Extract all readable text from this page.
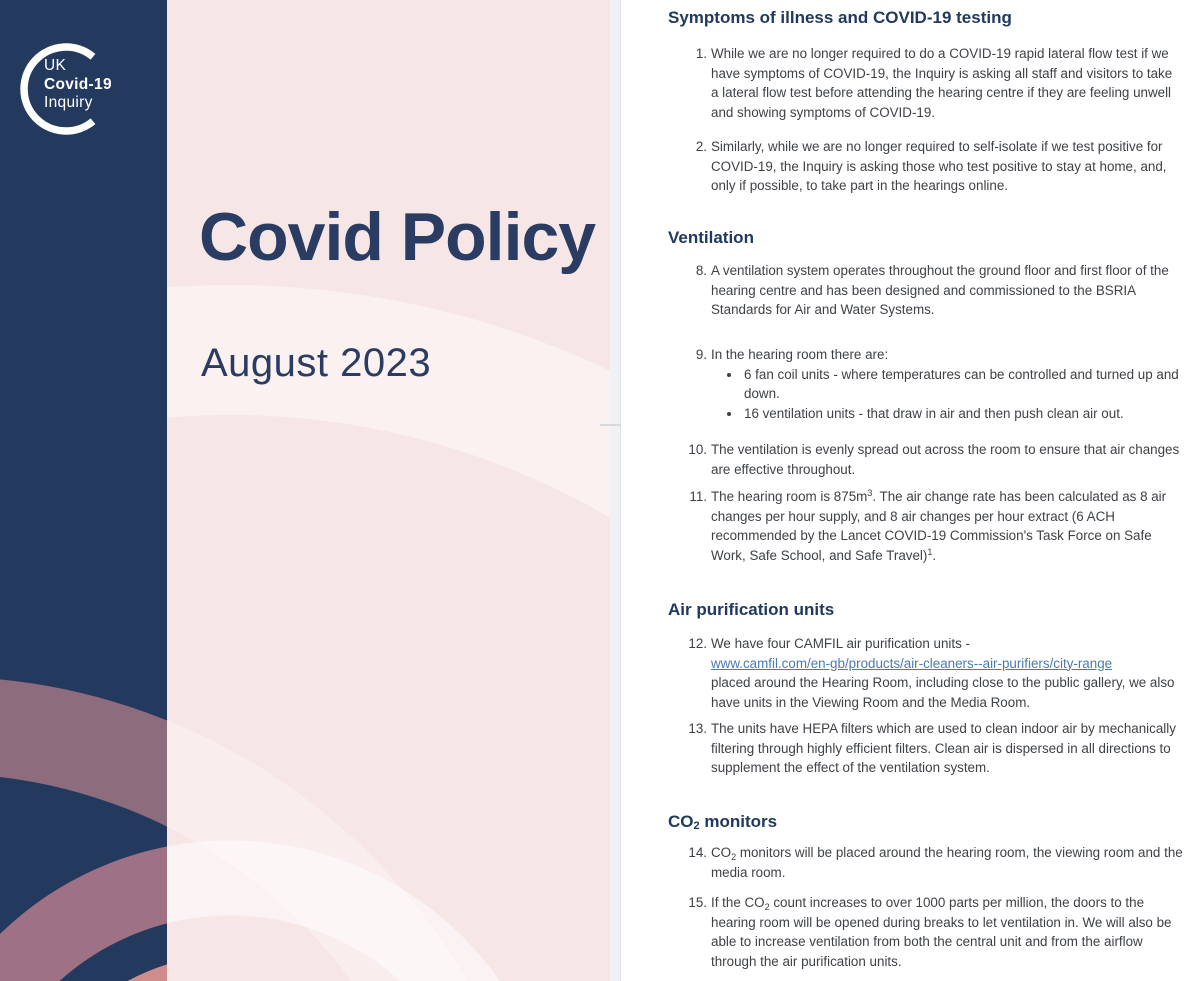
UK
Covid-19
Inquiry
Covid Policy
August 2023
Symptoms of illness and COVID-19 testing
1. While we are no longer required to do a COVID-19 rapid lateral flow test if we have symptoms of COVID-19, the Inquiry is asking all staff and visitors to take a lateral flow test before attending the hearing centre if they are feeling unwell and showing symptoms of COVID-19.
2. Similarly, while we are no longer required to self-isolate if we test positive for COVID-19, the Inquiry is asking those who test positive to stay at home, and, only if possible, to take part in the hearings online.
Ventilation
8. A ventilation system operates throughout the ground floor and first floor of the hearing centre and has been designed and commissioned to the BSRIA Standards for Air and Water Systems.
9. In the hearing room there are:
• 6 fan coil units - where temperatures can be controlled and turned up and down.
• 16 ventilation units - that draw in air and then push clean air out.
10. The ventilation is evenly spread out across the room to ensure that air changes are effective throughout.
11. The hearing room is $875m^3$. The air change rate has been calculated as 8 air changes per hour supply, and 8 air changes per hour extract (6 ACH recommended by the Lancet COVID-19 Commission's Task Force on Safe Work, Safe School, and Safe Travel)$^1$.
Air purification units
12. We have four CAMFIL air purification units -
www.camfil.com/en-gb/products/air-cleaners--air-purifiers/city-range
placed around the Hearing Room, including close to the public gallery, we also have units in the Viewing Room and the Media Room.
13. The units have HEPA filters which are used to clean indoor air by mechanically filtering through highly efficient filters. Clean air is dispersed in all directions to supplement the effect of the ventilation system.
$CO_2$ monitors
14. $CO_2$ monitors will be placed around the hearing room, the viewing room and the media room.
15. If the $CO_2$ count increases to over 1000 parts per million, the doors to the hearing room will be opened during breaks to let ventilation in. We will also be able to increase ventilation from both the central unit and from the airflow through the air purification units.
